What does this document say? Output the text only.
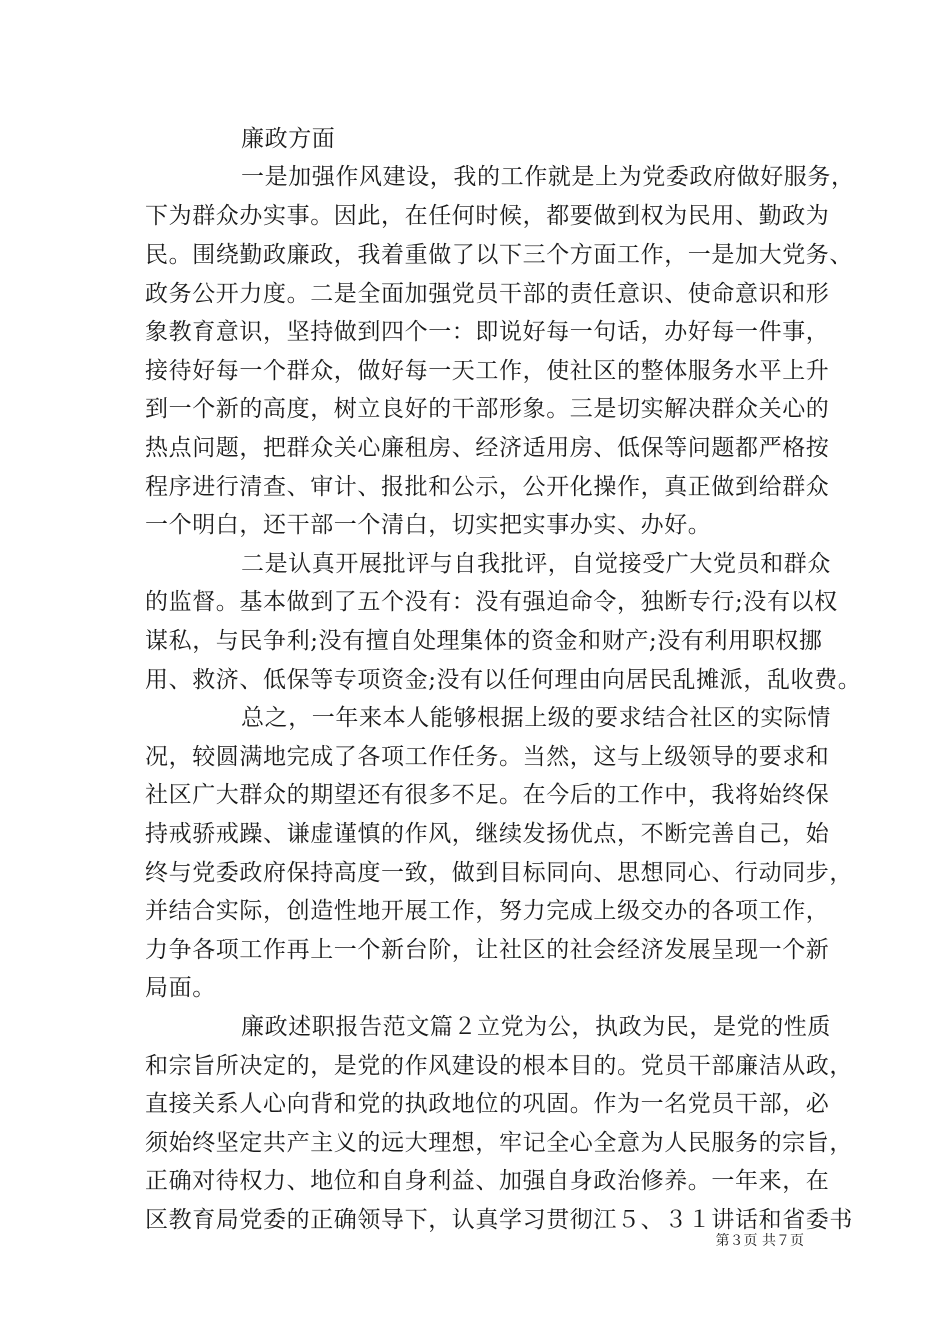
廉政方面
一是加强作风建设，我的工作就是上为党委政府做好服务，
下为群众办实事。因此，在任何时候，都要做到权为民用、勤政为
民。围绕勤政廉政，我着重做了以下三个方面工作，一是加大党务、
政务公开力度。二是全面加强党员干部的责任意识、使命意识和形
象教育意识，坚持做到四个一：即说好每一句话，办好每一件事，
接待好每一个群众，做好每一天工作，使社区的整体服务水平上升
到一个新的高度，树立良好的干部形象。三是切实解决群众关心的
热点问题，把群众关心廉租房、经济适用房、低保等问题都严格按
程序进行清查、审计、报批和公示，公开化操作，真正做到给群众
一个明白，还干部一个清白，切实把实事办实、办好。
二是认真开展批评与自我批评，自觉接受广大党员和群众
的监督。基本做到了五个没有：没有强迫命令，独断专行;没有以权
谋私，与民争利;没有擅自处理集体的资金和财产;没有利用职权挪
用、救济、低保等专项资金;没有以任何理由向居民乱摊派，乱收费。
总之，一年来本人能够根据上级的要求结合社区的实际情
况，较圆满地完成了各项工作任务。当然，这与上级领导的要求和
社区广大群众的期望还有很多不足。在今后的工作中，我将始终保
持戒骄戒躁、谦虚谨慎的作风，继续发扬优点，不断完善自己，始
终与党委政府保持高度一致，做到目标同向、思想同心、行动同步，
并结合实际，创造性地开展工作，努力完成上级交办的各项工作，
力争各项工作再上一个新台阶，让社区的社会经济发展呈现一个新
局面。
廉政述职报告范文篇２立党为公，执政为民，是党的性质
和宗旨所决定的，是党的作风建设的根本目的。党员干部廉洁从政，
直接关系人心向背和党的执政地位的巩固。作为一名党员干部，必
须始终坚定共产主义的远大理想，牢记全心全意为人民服务的宗旨，
正确对待权力、地位和自身利益、加强自身政治修养。一年来，在
区教育局党委的正确领导下，认真学习贯彻江５、３１讲话和省委书
第３页 共７页
